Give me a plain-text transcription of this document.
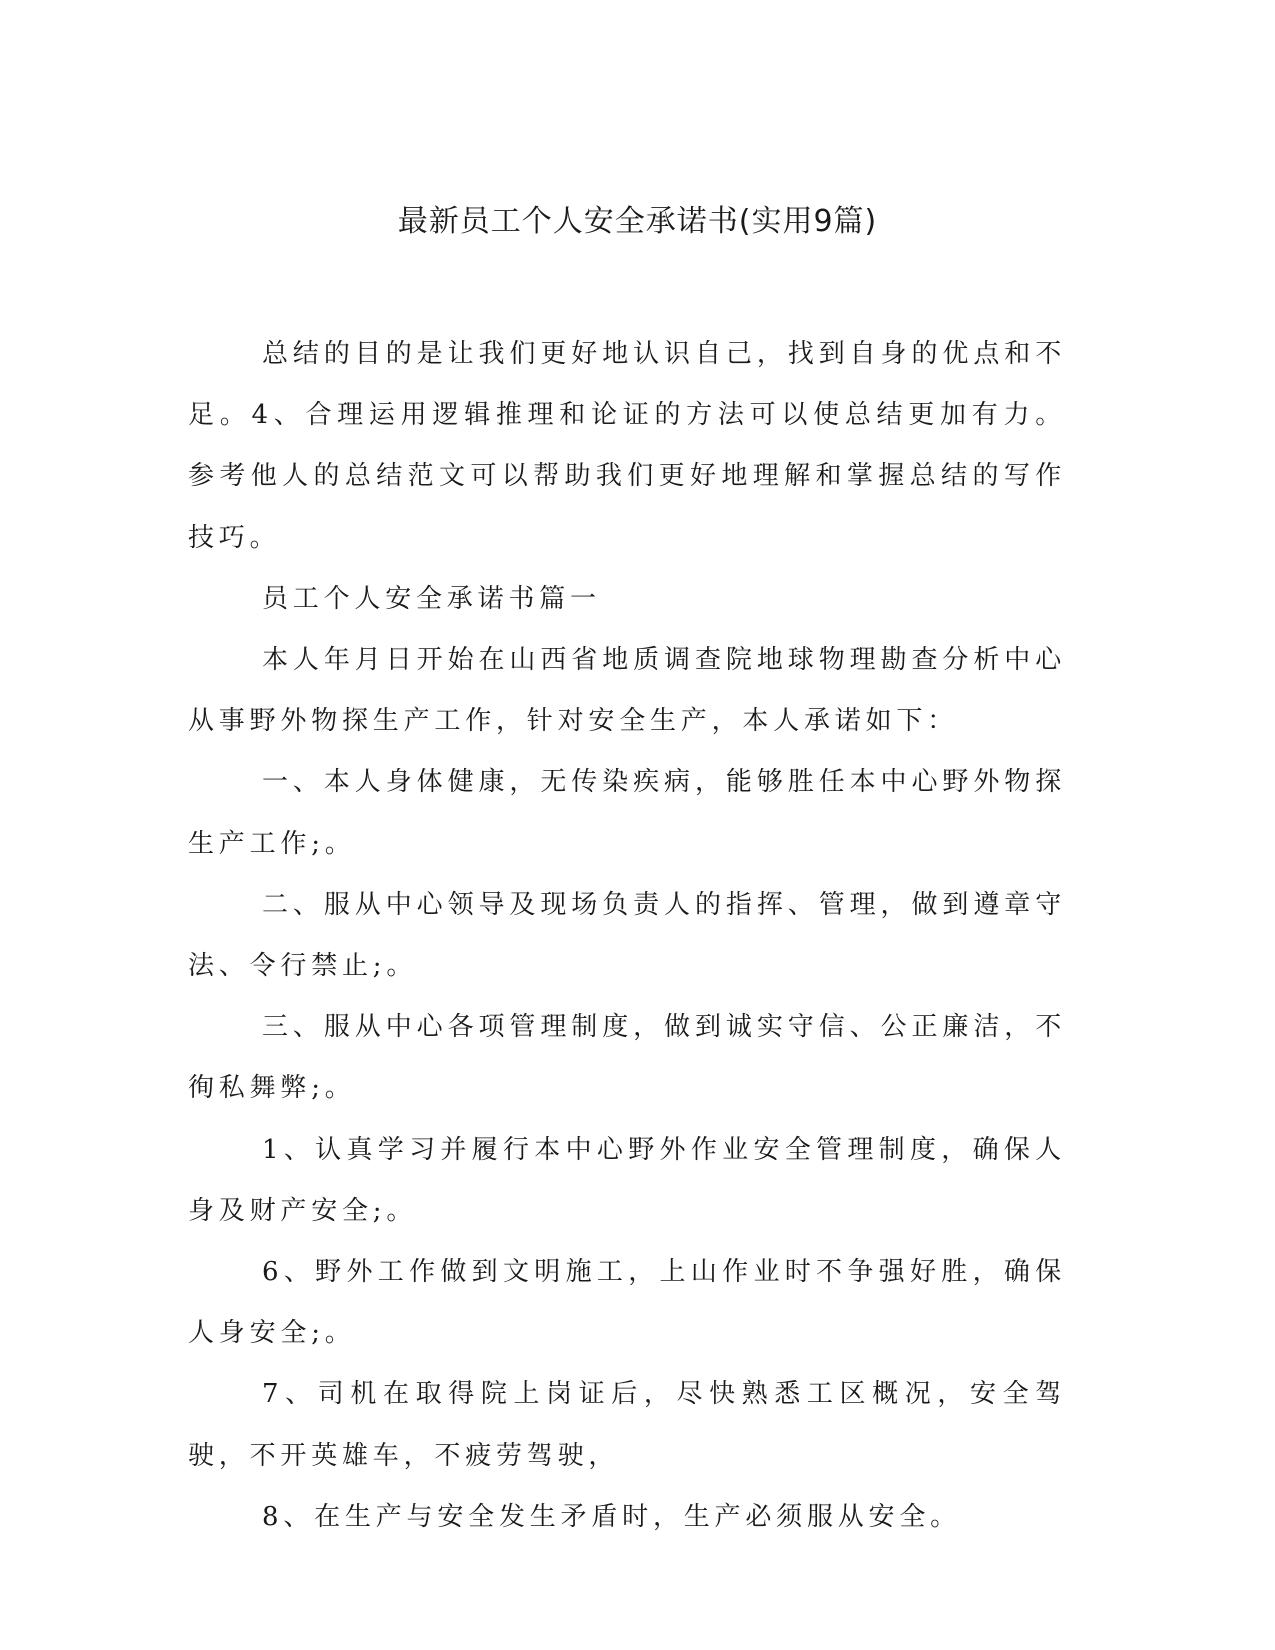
最新员工个人安全承诺书(实用9篇)

总结的目的是让我们更好地认识自己，找到自身的优点和不足。4、合理运用逻辑推理和论证的方法可以使总结更加有力。参考他人的总结范文可以帮助我们更好地理解和掌握总结的写作技巧。

员工个人安全承诺书篇一

本人年月日开始在山西省地质调查院地球物理勘查分析中心从事野外物探生产工作，针对安全生产，本人承诺如下：

一、本人身体健康，无传染疾病，能够胜任本中心野外物探生产工作;。

二、服从中心领导及现场负责人的指挥、管理，做到遵章守法、令行禁止;。

三、服从中心各项管理制度，做到诚实守信、公正廉洁，不徇私舞弊;。

1、认真学习并履行本中心野外作业安全管理制度，确保人身及财产安全;。

6、野外工作做到文明施工，上山作业时不争强好胜，确保人身安全;。

7、司机在取得院上岗证后，尽快熟悉工区概况，安全驾驶，不开英雄车，不疲劳驾驶，

8、在生产与安全发生矛盾时，生产必须服从安全。
